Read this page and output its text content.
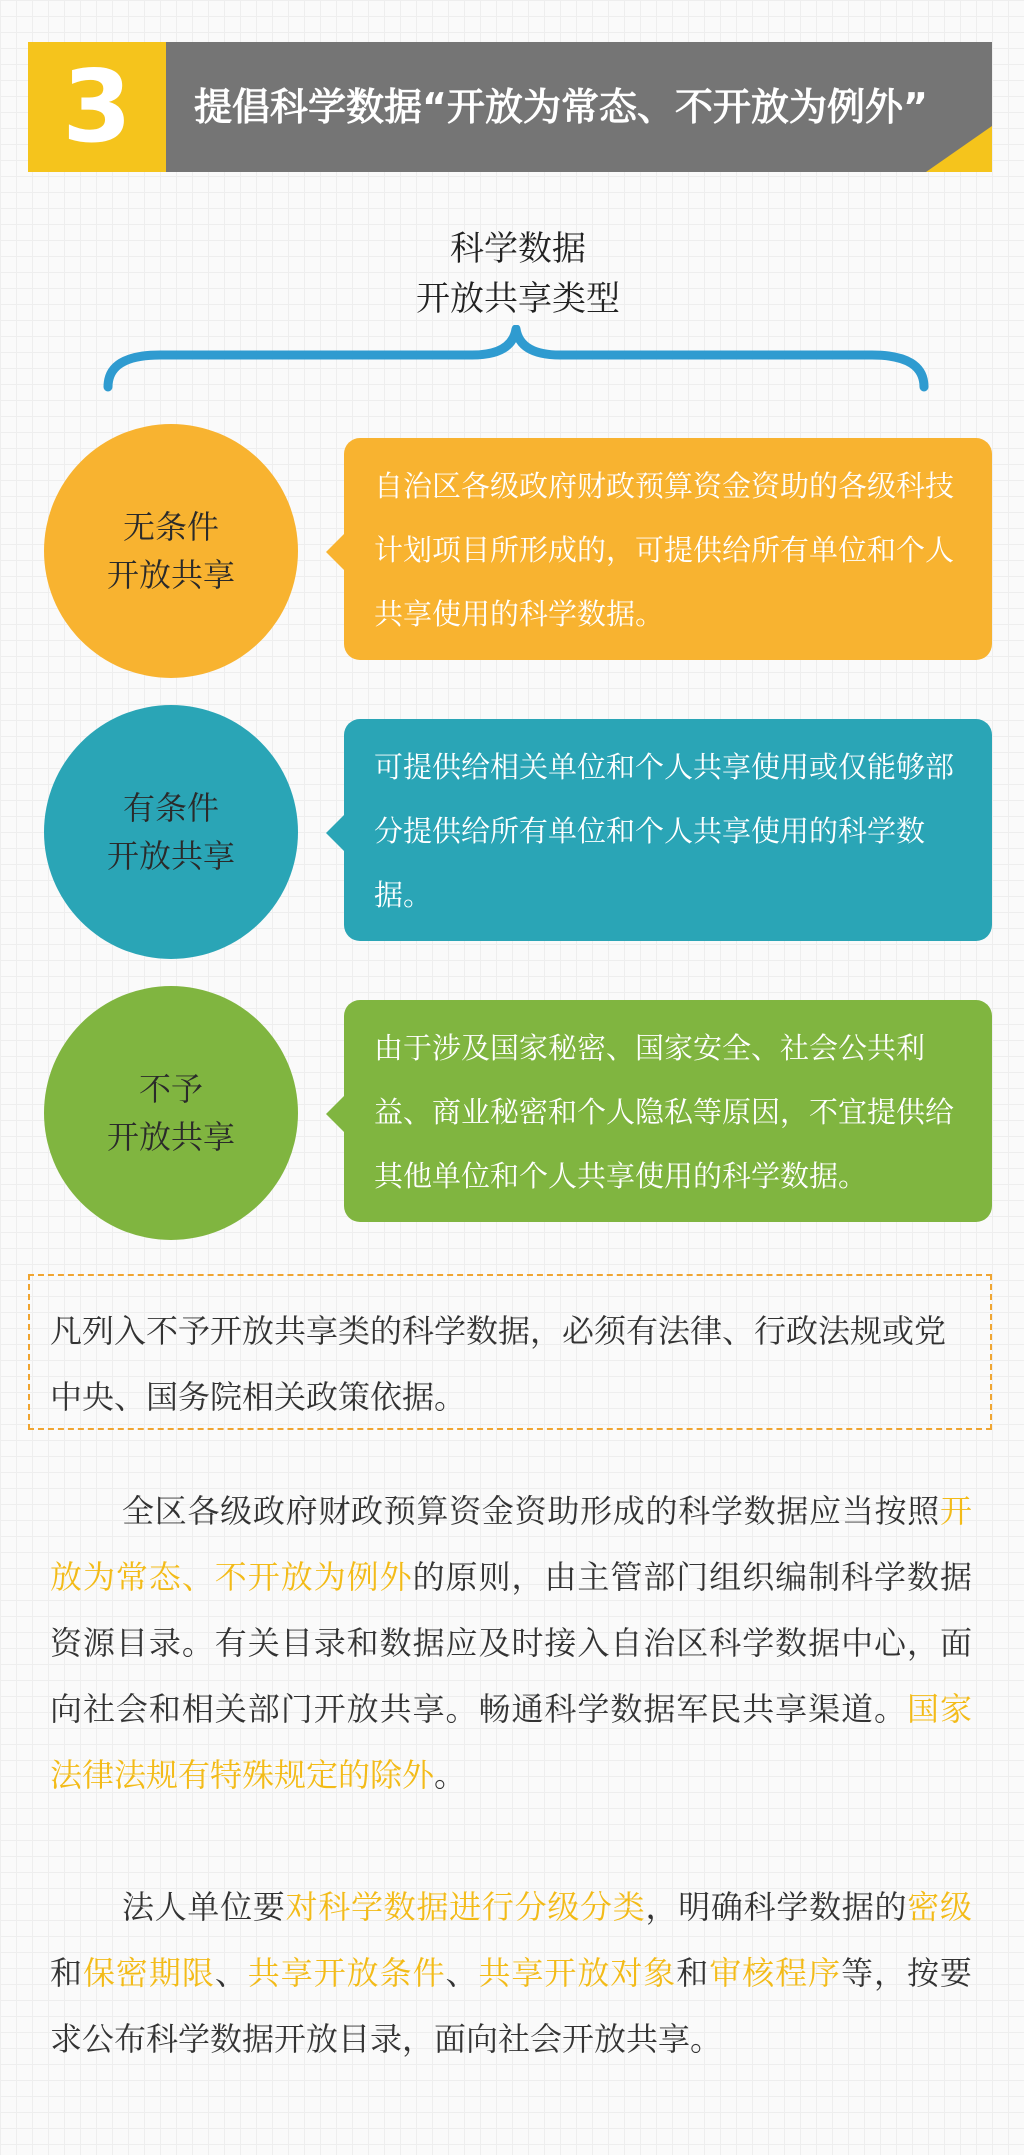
3	提倡科学数据“开放为常态、不开放为例外”
科学数据
开放共享类型
无条件
开放共享
自治区各级政府财政预算资金资助的各级科技计划项目所形成的，可提供给所有单位和个人共享使用的科学数据。
有条件
开放共享
可提供给相关单位和个人共享使用或仅能够部分提供给所有单位和个人共享使用的科学数据。
不予
开放共享
由于涉及国家秘密、国家安全、社会公共利益、商业秘密和个人隐私等原因，不宜提供给其他单位和个人共享使用的科学数据。
凡列入不予开放共享类的科学数据，必须有法律、行政法规或党中央、国务院相关政策依据。
全区各级政府财政预算资金资助形成的科学数据应当按照开放为常态、不开放为例外的原则，由主管部门组织编制科学数据资源目录。有关目录和数据应及时接入自治区科学数据中心，面向社会和相关部门开放共享。畅通科学数据军民共享渠道。国家法律法规有特殊规定的除外。
法人单位要对科学数据进行分级分类，明确科学数据的密级和保密期限、共享开放条件、共享开放对象和审核程序等，按要求公布科学数据开放目录，面向社会开放共享。
